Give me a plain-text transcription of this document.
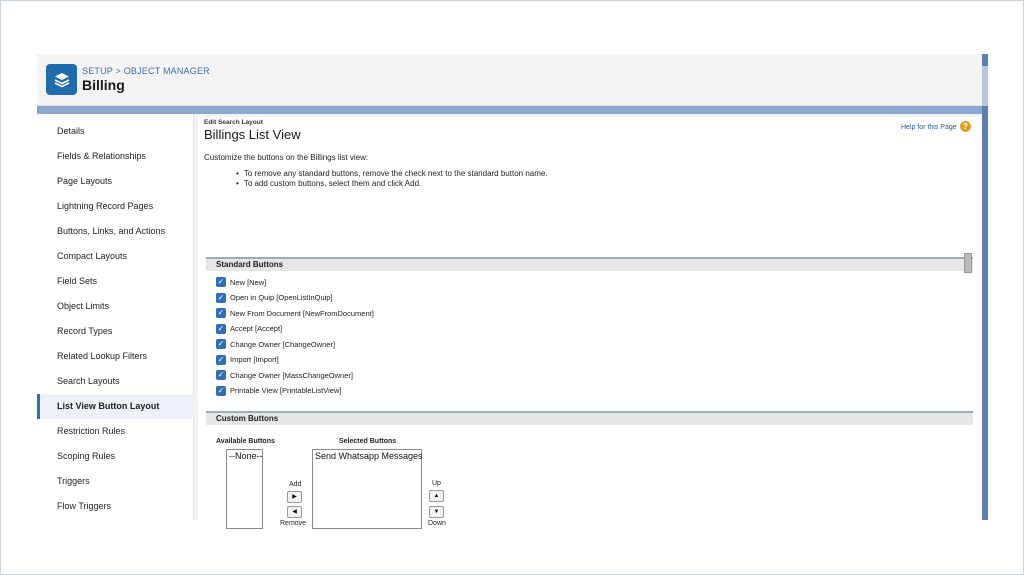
SETUP > OBJECT MANAGER
Billing
Details
Fields & Relationships
Page Layouts
Lightning Record Pages
Buttons, Links, and Actions
Compact Layouts
Field Sets
Object Limits
Record Types
Related Lookup Filters
Search Layouts
List View Button Layout
Restriction Rules
Scoping Rules
Triggers
Flow Triggers
Edit Search Layout
Billings List View	Help for this Page ?
Customize the buttons on the Billings list view:
• To remove any standard buttons, remove the check next to the standard button name.
• To add custom buttons, select them and click Add.
Standard Buttons
✓ New [New]
✓ Open in Quip [OpenListInQuip]
✓ New From Document [NewFromDocument]
✓ Accept [Accept]
✓ Change Owner [ChangeOwner]
✓ Import [Import]
✓ Change Owner [MassChangeOwner]
✓ Printable View [PrintableListView]
Custom Buttons
Available Buttons	Selected Buttons
--None--
Add
▶
◀
Remove
Send Whatsapp Messages
Up
▲
▼
Down
